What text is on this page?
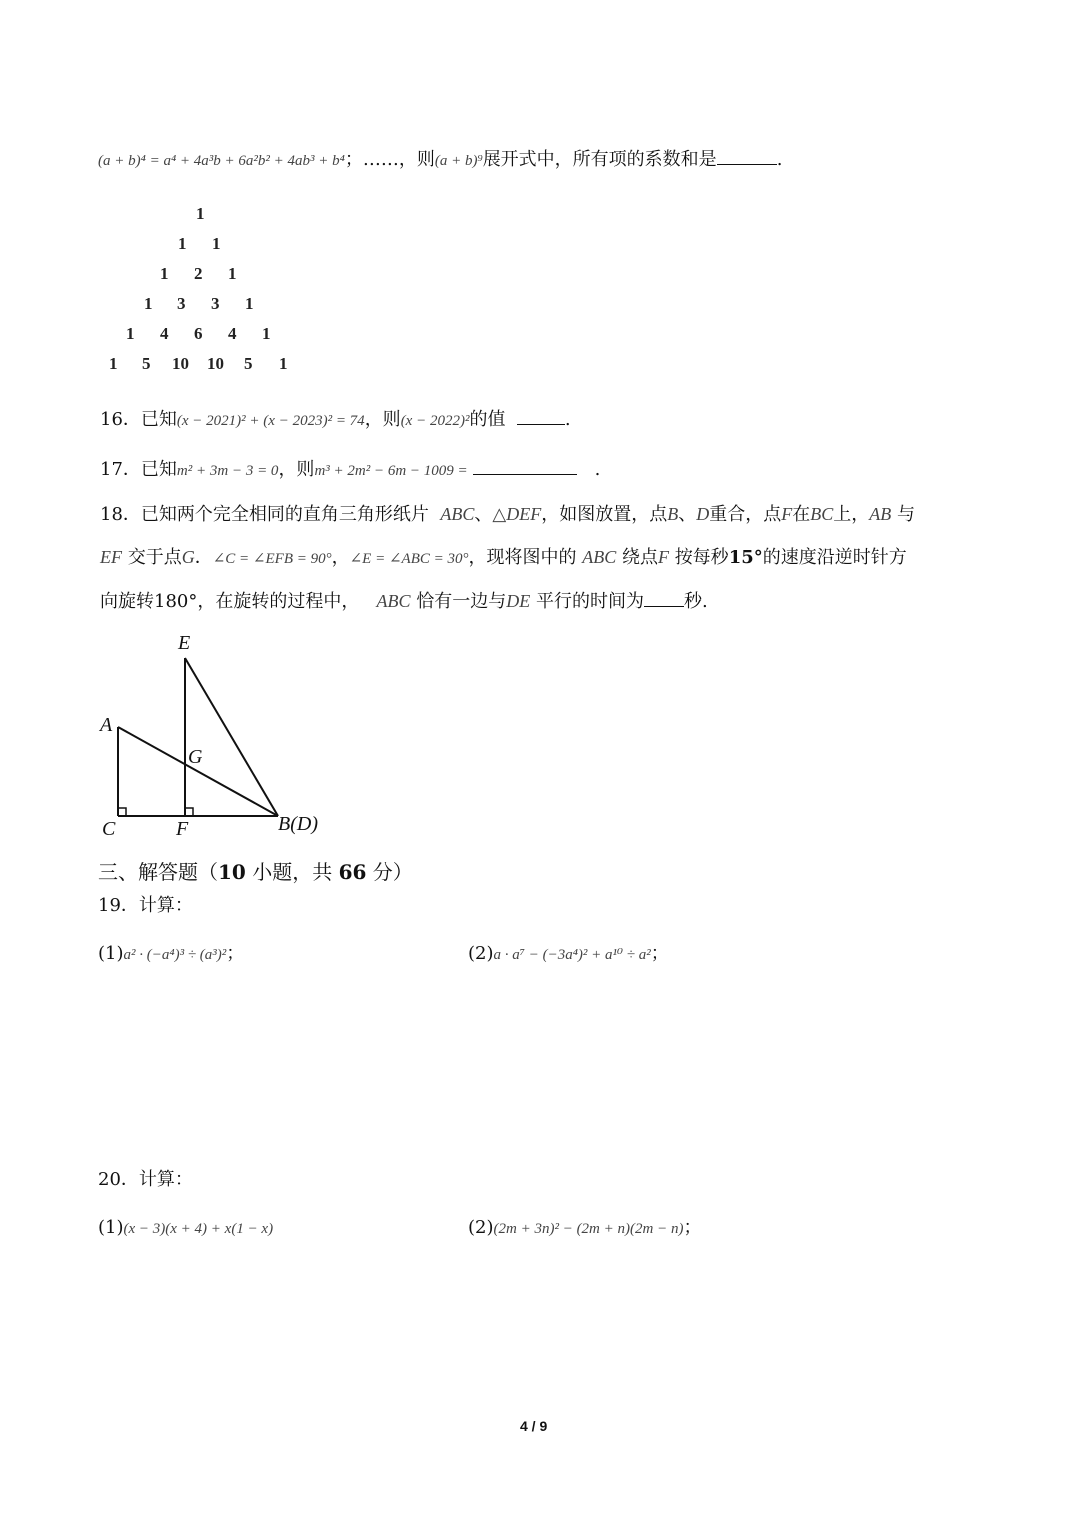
(a + b)⁴ = a⁴ + 4a³b + 6a²b² + 4ab³ + b⁴；……，则(a + b)⁹展开式中，所有项的系数和是	.
1
1 1
1 2 1
1 3 3 1
1 4 6 4 1
1 5 10 10 5 1
16．已知(x − 2021)² + (x − 2023)² = 74，则(x − 2022)²的值	.
17．已知m² + 3m − 3 = 0，则m³ + 2m² − 6m − 1009 =	.
18．已知两个完全相同的直角三角形纸片 ABC、△DEF，如图放置，点B、D重合，点F在BC上，AB 与
EF 交于点G．∠C = ∠EFB = 90°，∠E = ∠ABC = 30°，现将图中的 ABC 绕点F 按每秒15°的速度沿逆时针方
向旋转180°，在旋转的过程中， ABC 恰有一边与DE 平行的时间为 秒.
E
A
G
C	F	B(D)
三、解答题（10 小题，共 66 分）
19．计算：
(1)a² · (−a⁴)³ ÷ (a³)²；	(2)a · a⁷ − (−3a⁴)² + a¹⁰ ÷ a²；
20．计算：
(1)(x − 3)(x + 4) + x(1 − x)	(2)(2m + 3n)² − (2m + n)(2m − n)；
4 / 9
